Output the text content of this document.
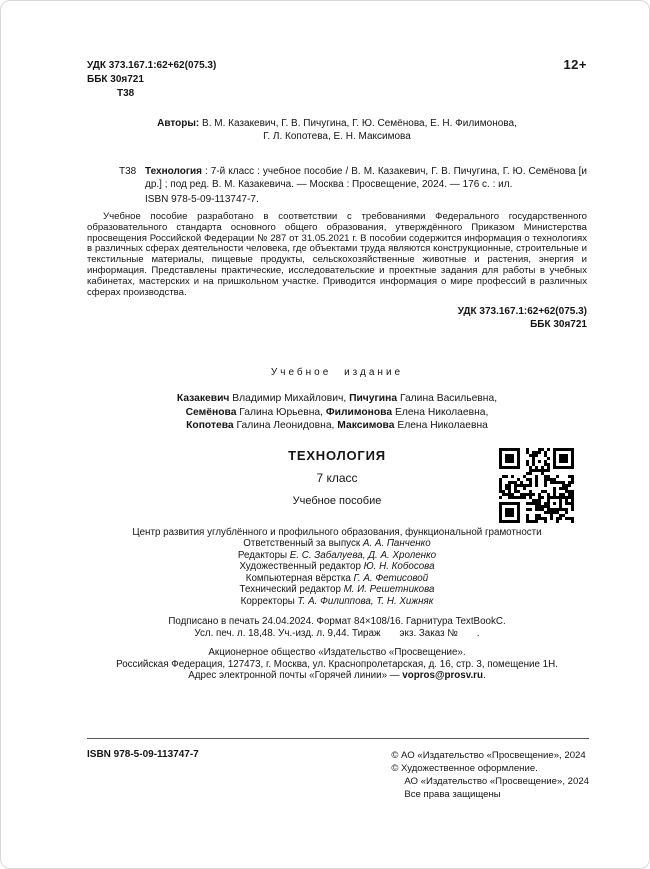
УДК 373.167.1:62+62(075.3)
ББК 30я721
Т38
12+
Авторы: В. М. Казакевич, Г. В. Пичугина, Г. Ю. Семёнова, Е. Н. Филимонова,
Г. Л. Копотева, Е. Н. Максимова
Т38 Технология : 7-й класс : учебное пособие / В. М. Казакевич, Г. В. Пичугина, Г. Ю. Семёнова [и др.] ; под ред. В. М. Казакевича. — Москва : Просвещение, 2024. — 176 с. : ил.

ISBN 978-5-09-113747-7.

Учебное пособие разработано в соответствии с требованиями Федерального государственного образовательного стандарта основного общего образования, утверждённого Приказом Министерства просвещения Российской Федерации № 287 от 31.05.2021 г. В пособии содержится информация о технологиях в различных сферах деятельности человека, где объектами труда являются конструкционные, строительные и текстильные материалы, пищевые продукты, сельскохозяйственные животные и растения, энергия и информация. Представлены практические, исследовательские и проектные задания для работы в учебных кабинетах, мастерских и на пришкольном участке. Приводится информация о мире профессий в различных сферах производства.

УДК 373.167.1:62+62(075.3)
ББК 30я721
Учебное издание
Казакевич Владимир Михайлович, Пичугина Галина Васильевна,
Семёнова Галина Юрьевна, Филимонова Елена Николаевна,
Копотева Галина Леонидовна, Максимова Елена Николаевна
ТЕХНОЛОГИЯ
7 класс
Учебное пособие
Центр развития углублённого и профильного образования, функциональной грамотности
Ответственный за выпуск А. А. Панченко
Редакторы Е. С. Забалуева, Д. А. Хроленко
Художественный редактор Ю. Н. Кобосова
Компьютерная вёрстка Г. А. Фетисовой
Технический редактор М. И. Решетникова
Корректоры Т. А. Филиппова, Т. Н. Хижняк
Подписано в печать 24.04.2024. Формат 84×108/16. Гарнитура TextBookC.
Усл. печ. л. 18,48. Уч.-изд. л. 9,44. Тираж       экз. Заказ №       .
Акционерное общество «Издательство «Просвещение».
Российская Федерация, 127473, г. Москва, ул. Краснопролетарская, д. 16, стр. 3, помещение 1Н.
Адрес электронной почты «Горячей линии» — vopros@prosv.ru.
ISBN 978-5-09-113747-7	© АО «Издательство «Просвещение», 2024
© Художественное оформление.
АО «Издательство «Просвещение», 2024
Все права защищены
